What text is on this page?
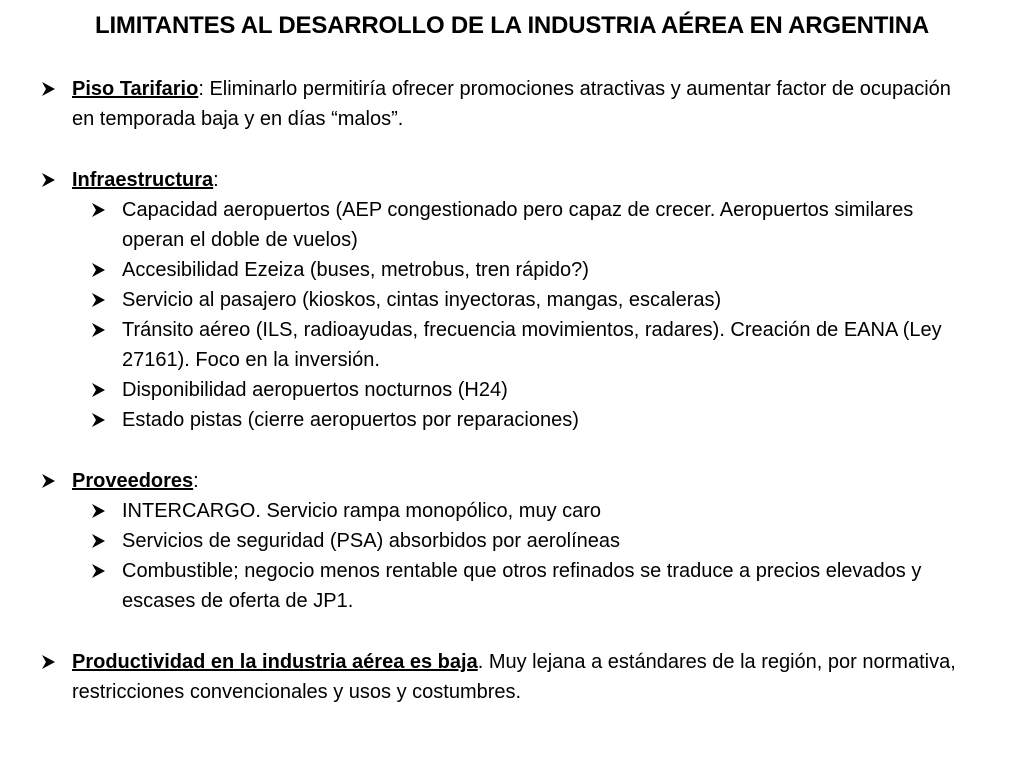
LIMITANTES AL DESARROLLO DE LA INDUSTRIA AÉREA EN ARGENTINA
Piso Tarifario: Eliminarlo permitiría ofrecer promociones atractivas y aumentar factor de ocupación en temporada baja y en días “malos”.
Infraestructura:
Capacidad aeropuertos (AEP congestionado pero capaz de crecer. Aeropuertos similares operan el doble de vuelos)
Accesibilidad Ezeiza (buses, metrobus, tren rápido?)
Servicio al pasajero (kioskos, cintas inyectoras, mangas, escaleras)
Tránsito aéreo (ILS, radioayudas, frecuencia movimientos, radares). Creación de EANA (Ley 27161). Foco en la inversión.
Disponibilidad aeropuertos nocturnos (H24)
Estado pistas (cierre aeropuertos por reparaciones)
Proveedores:
INTERCARGO. Servicio rampa monopólico, muy caro
Servicios de seguridad (PSA) absorbidos por aerolíneas
Combustible; negocio menos rentable que otros refinados se traduce a precios elevados y escases de oferta de JP1.
Productividad en la industria aérea es baja. Muy lejana a estándares de la región, por normativa, restricciones convencionales y usos y costumbres.
